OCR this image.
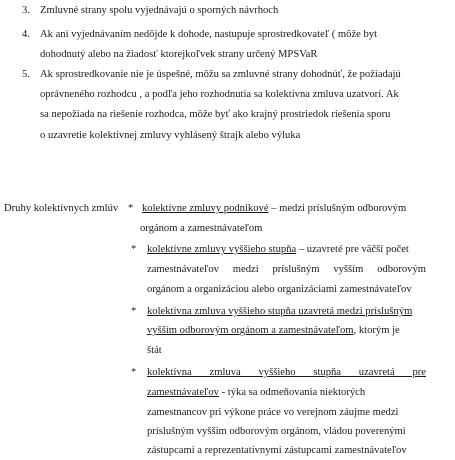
3. Zmluvné strany spolu vyjednávajú o sporných návrhoch
4. Ak ani vyjednávaním nedôjde k dohode, nastupuje sprostredkovateľ ( môže byt
dohodnutý alebo na žiadosť ktorejkoľvek strany určený MPSVaR
5. Ak sprostredkovanie nie je úspešné, môžu sa zmluvné strany dohodnúť, že požiadajú
oprávneného rozhodcu , a podľa jeho rozhodnutia sa kolektívna zmluva uzatvorí. Ak
sa nepožiada na riešenie rozhodca, môže byť ako krajný prostriedok riešenia sporu
o uzavretie kolektívnej zmluvy vyhlásený štrajk alebo výluka
Druhy kolektívnych zmlúv * kolektívne zmluvy podnikové – medzi príslušným odborovým
orgánom a zamestnávateľom
* kolektívne zmluvy vyššieho stupňa – uzavreté pre väčší počet
zamestnávateľov medzi príslušným vyšším odborovým
orgánom a organizáciou alebo organizáciami zamestnávateľov
* kolektívna zmluva vyššieho stupňa uzavretá medzi príslušným
vyšším odborovým orgánom a zamestnávateľom, ktorým je
štát
* kolektívna zmluva vyššieho stupňa uzavretá pre
zamestnávateľov - týka sa odmeňovania niektorých
zamestnancov pri výkone práce vo verejnom záujme medzi
príslušným vyšším odborovým orgánom, vládou poverenými
zástupcami a reprezentatívnymi zástupcami zamestnávateľov
